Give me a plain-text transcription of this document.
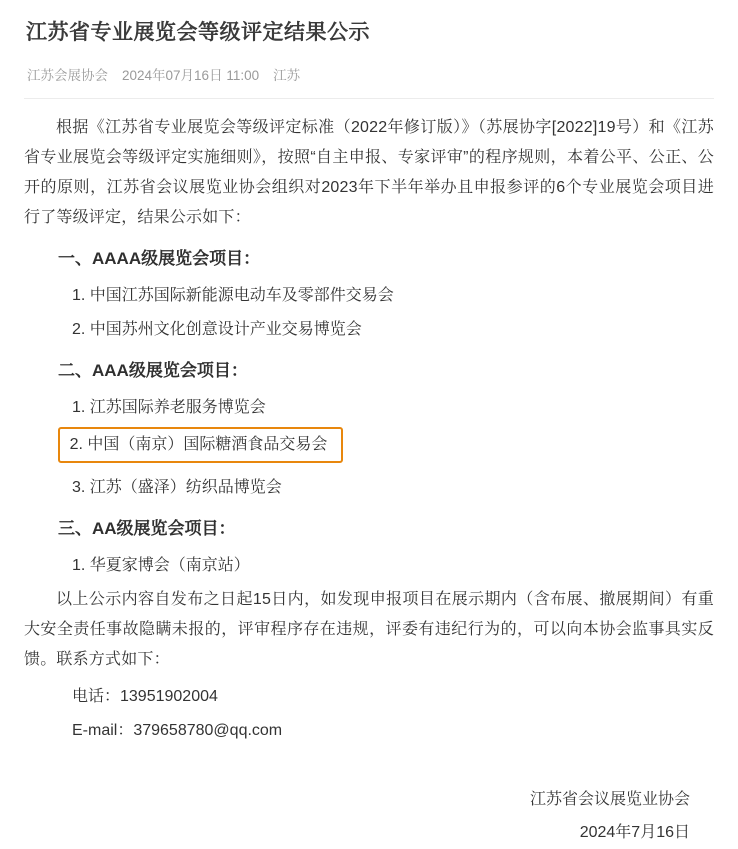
江苏省专业展览会等级评定结果公示
江苏会展协会 2024年07月16日 11:00 江苏

根据《江苏省专业展览会等级评定标准（2022年修订版）》（苏展协字[2022]19号）和《江苏省专业展览会等级评定实施细则》，按照“自主申报、专家评审”的程序规则，本着公平、公正、公开的原则，江苏省会议展览业协会组织对2023年下半年举办且申报参评的6个专业展览会项目进行了等级评定，结果公示如下：

一、AAAA级展览会项目：
1. 中国江苏国际新能源电动车及零部件交易会
2. 中国苏州文化创意设计产业交易博览会
二、AAA级展览会项目：
1. 江苏国际养老服务博览会
2. 中国（南京）国际糖酒食品交易会
3. 江苏（盛泽）纺织品博览会
三、AA级展览会项目：
1. 华夏家博会（南京站）

以上公示内容自发布之日起15日内，如发现申报项目在展示期内（含布展、撤展期间）有重大安全责任事故隐瞒未报的，评审程序存在违规，评委有违纪行为的，可以向本协会监事具实反馈。联系方式如下：

电话：13951902004
E-mail：379658780@qq.com
江苏省会议展览业协会
2024年7月16日
